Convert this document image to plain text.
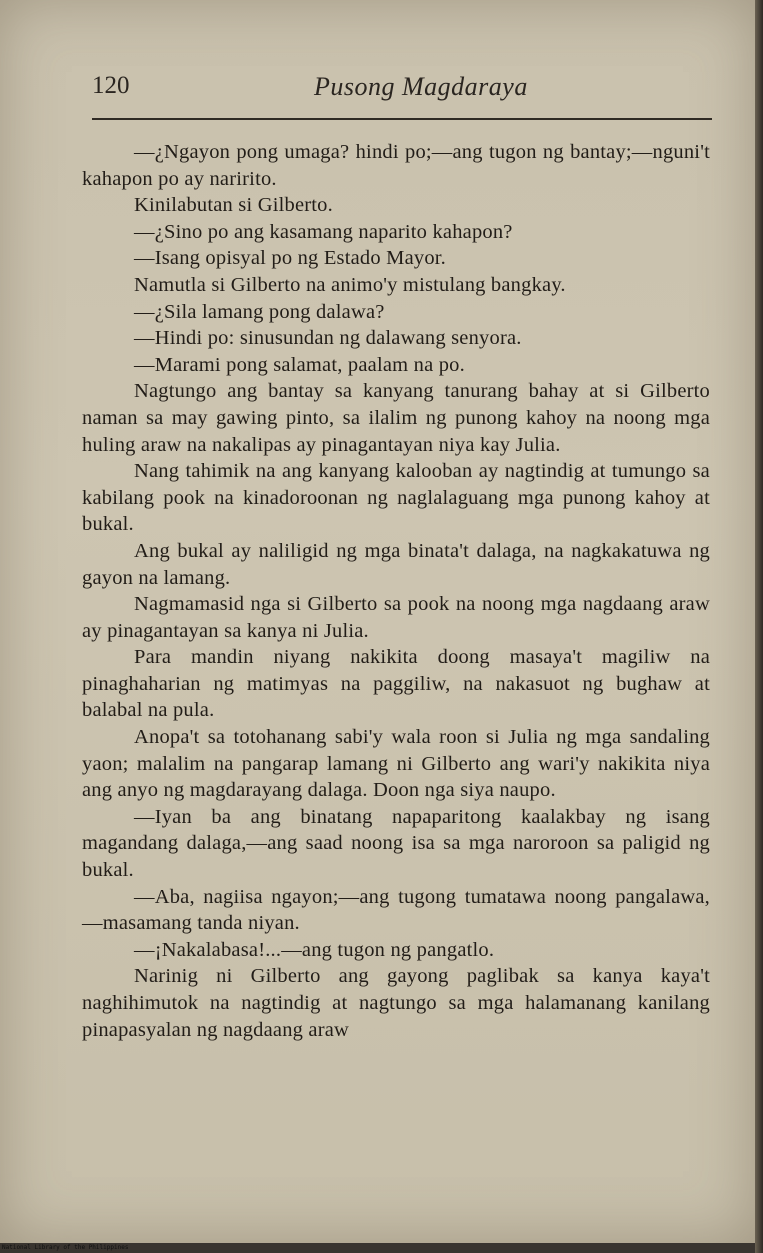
120	Pusong Magdaraya

—¿Ngayon pong umaga? hindi po;—ang tugon ng bantay;—nguni't kahapon po ay naririto.

Kinilabutan si Gilberto.

—¿Sino po ang kasamang naparito kahapon?

—Isang opisyal po ng Estado Mayor.

Namutla si Gilberto na animo'y mistulang bangkay.

—¿Sila lamang pong dalawa?

—Hindi po: sinusundan ng dalawang senyora.

—Marami pong salamat, paalam na po.

Nagtungo ang bantay sa kanyang tanurang bahay at si Gilberto naman sa may gawing pinto, sa ilalim ng punong kahoy na noong mga huling araw na nakalipas ay pinagantayan niya kay Julia.

Nang tahimik na ang kanyang kalooban ay nagtindig at tumungo sa kabilang pook na kinadoroonan ng naglalaguang mga punong kahoy at bukal.

Ang bukal ay naliligid ng mga binata't dalaga, na nagkakatuwa ng gayon na lamang.

Nagmamasid nga si Gilberto sa pook na noong mga nagdaang araw ay pinagantayan sa kanya ni Julia.

Para mandin niyang nakikita doong masaya't magiliw na pinaghaharian ng matimyas na paggiliw, na nakasuot ng bughaw at balabal na pula.

Anopa't sa totohanang sabi'y wala roon si Julia ng mga sandaling yaon; malalim na pangarap lamang ni Gilberto ang wari'y nakikita niya ang anyo ng magdarayang dalaga. Doon nga siya naupo.

—Iyan ba ang binatang napaparitong kaalakbay ng isang magandang dalaga,—ang saad noong isa sa mga naroroon sa paligid ng bukal.

—Aba, nagiisa ngayon;—ang tugong tumatawa noong pangalawa,—masamang tanda niyan.

—¡Nakalabasa!...—ang tugon ng pangatlo.

Narinig ni Gilberto ang gayong paglibak sa kanya kaya't naghihimutok na nagtindig at nagtungo sa mga halamanang kanilang pinapasyalan ng nagdaang araw

National Library of the Philippines
